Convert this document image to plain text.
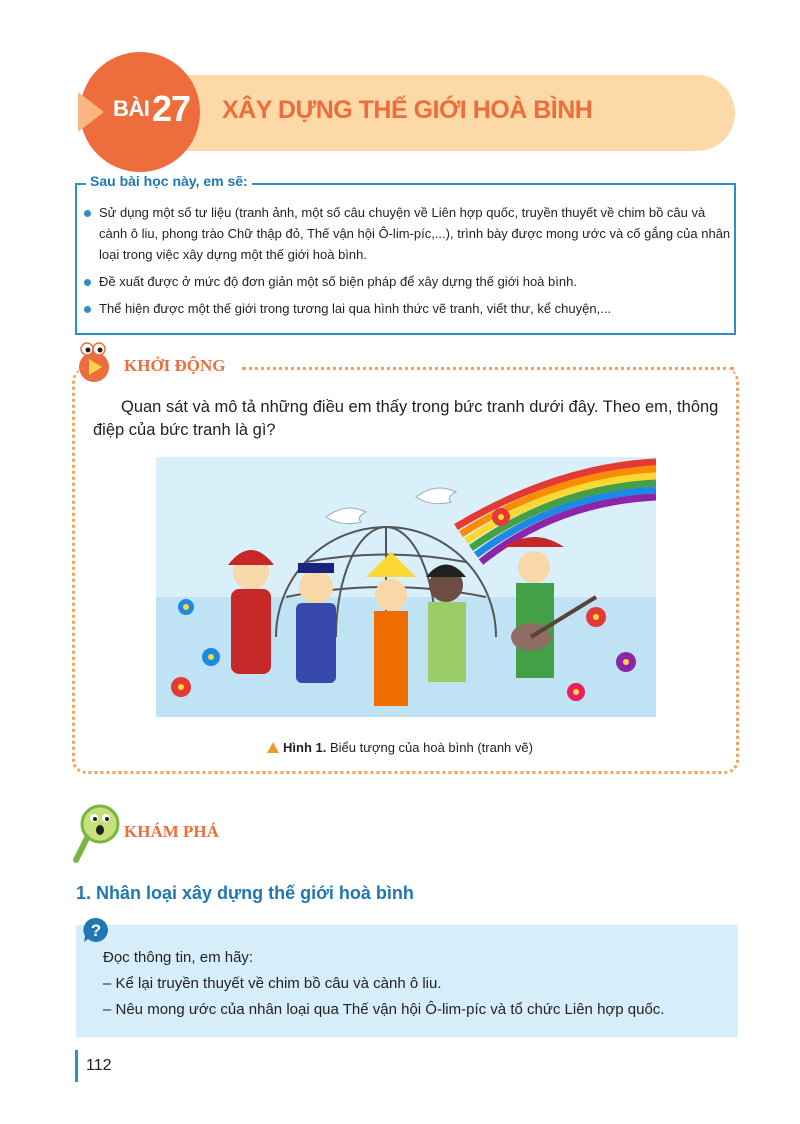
BÀI 27 XÂY DỰNG THẾ GIỚI HOÀ BÌNH
Sau bài học này, em sẽ:
Sử dụng một số tư liệu (tranh ảnh, một số câu chuyện về Liên hợp quốc, truyền thuyết về chim bồ câu và cành ô liu, phong trào Chữ thập đỏ, Thế vận hội Ô-lim-píc,...), trình bày được mong ước và cố gắng của nhân loại trong việc xây dựng một thế giới hoà bình.
Đề xuất được ở mức độ đơn giản một số biện pháp để xây dựng thế giới hoà bình.
Thể hiện được một thế giới trong tương lai qua hình thức vẽ tranh, viết thư, kể chuyện,...
KHỞI ĐỘNG
Quan sát và mô tả những điều em thấy trong bức tranh dưới đây. Theo em, thông điệp của bức tranh là gì?
Hình 1. Biểu tượng của hoà bình (tranh vẽ)
KHÁM PHÁ
1. Nhân loại xây dựng thế giới hoà bình
?
Đọc thông tin, em hãy:
– Kể lại truyền thuyết về chim bồ câu và cành ô liu.
– Nêu mong ước của nhân loại qua Thế vận hội Ô-lim-píc và tổ chức Liên hợp quốc.
112
